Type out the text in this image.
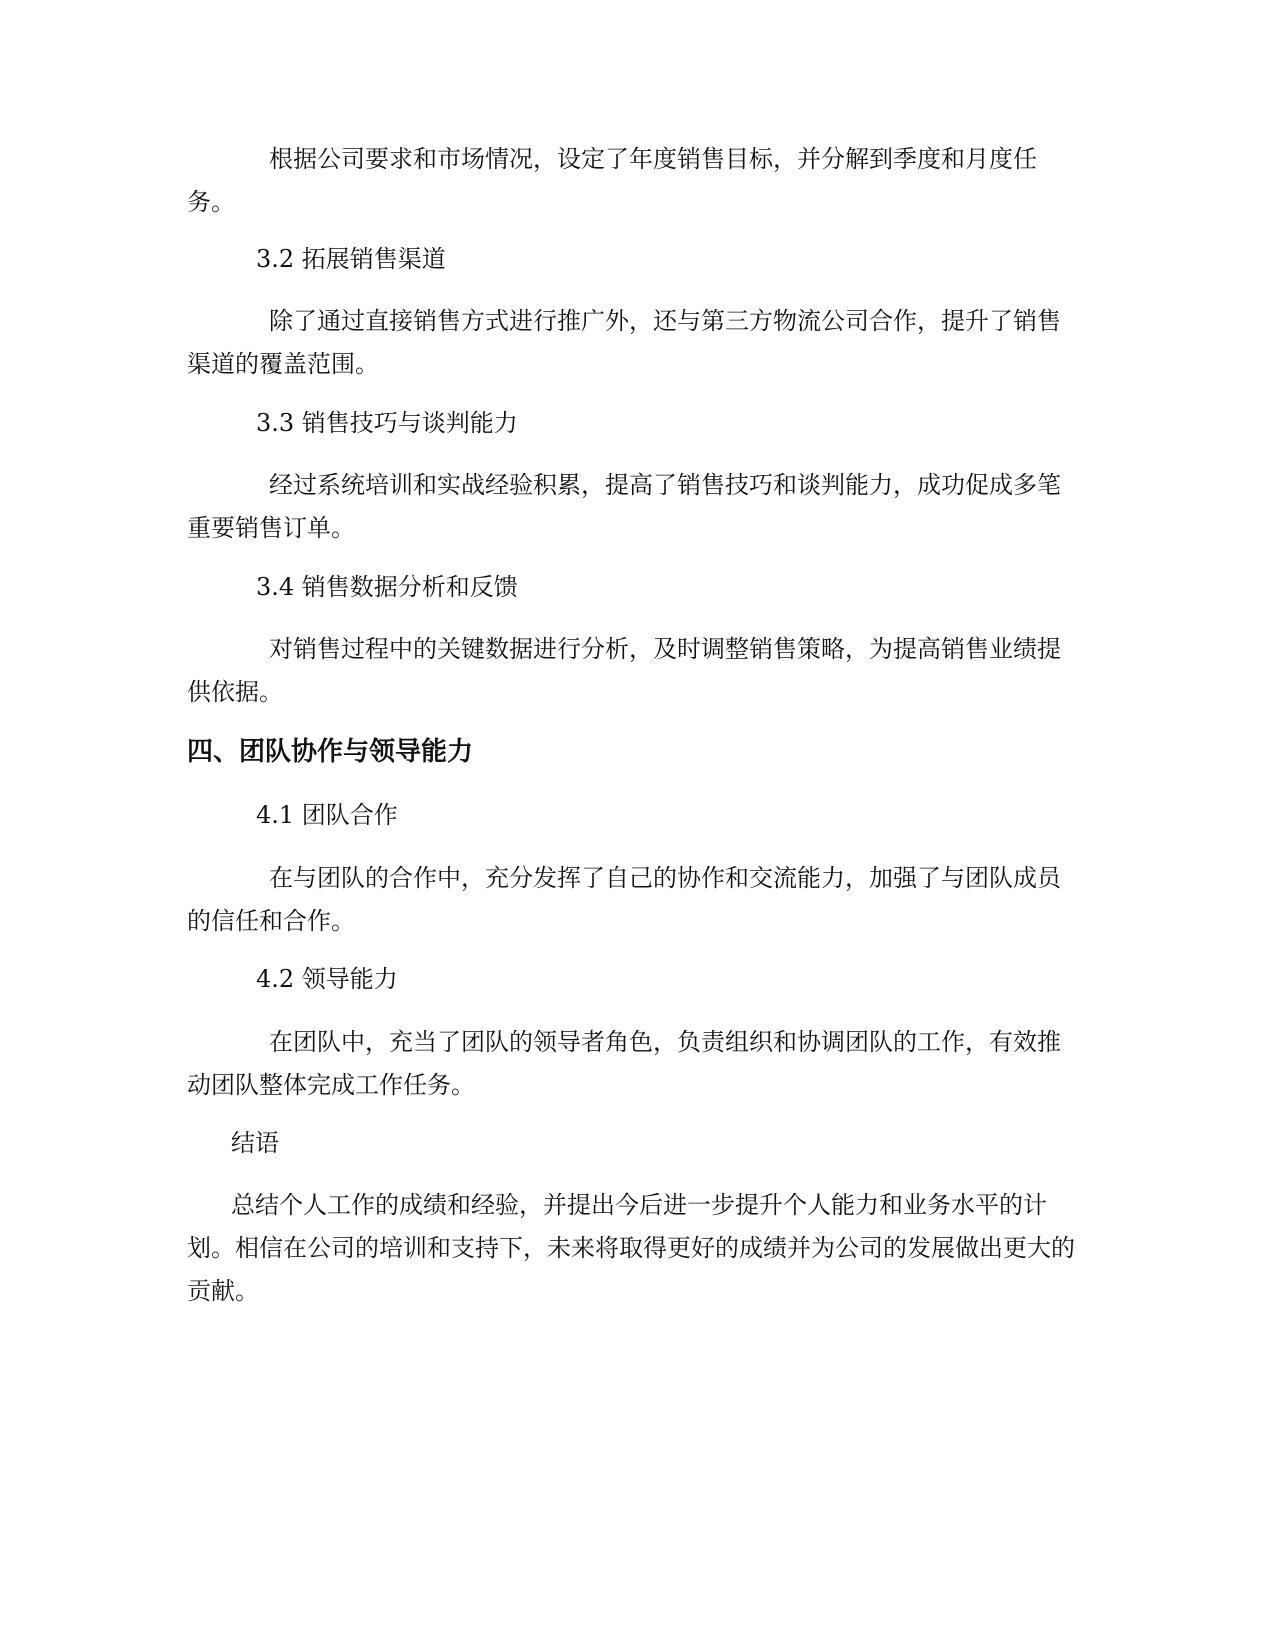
根据公司要求和市场情况，设定了年度销售目标，并分解到季度和月度任务。

3.2 拓展销售渠道

除了通过直接销售方式进行推广外，还与第三方物流公司合作，提升了销售渠道的覆盖范围。

3.3 销售技巧与谈判能力

经过系统培训和实战经验积累，提高了销售技巧和谈判能力，成功促成多笔重要销售订单。

3.4 销售数据分析和反馈

对销售过程中的关键数据进行分析，及时调整销售策略，为提高销售业绩提供依据。

四、团队协作与领导能力

4.1 团队合作

在与团队的合作中，充分发挥了自己的协作和交流能力，加强了与团队成员的信任和合作。

4.2 领导能力

在团队中，充当了团队的领导者角色，负责组织和协调团队的工作，有效推动团队整体完成工作任务。

结语

总结个人工作的成绩和经验，并提出今后进一步提升个人能力和业务水平的计划。相信在公司的培训和支持下，未来将取得更好的成绩并为公司的发展做出更大的贡献。
